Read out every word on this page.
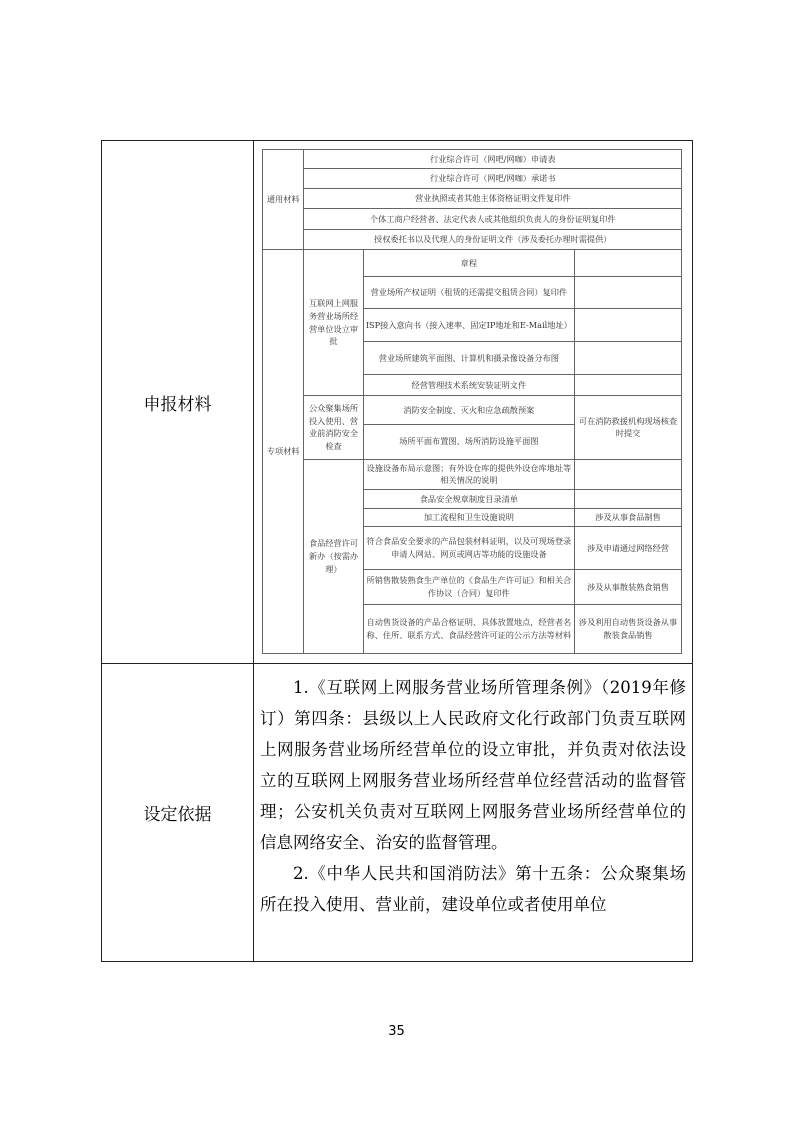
申报材料	
通用材料	行业综合许可（网吧/网咖）申请表
行业综合许可（网吧/网咖）承诺书
营业执照或者其他主体资格证明文件复印件
个体工商户经营者、法定代表人或其他组织负责人的身份证明复印件
授权委托书以及代理人的身份证明文件（涉及委托办理时需提供）
专项材料	互联网上网服务营业场所经营单位设立审批	章程	
营业场所产权证明（租赁的还需提交租赁合同）复印件	
ISP接入意向书（接入速率、固定IP地址和E-Mail地址）	
营业场所建筑平面图、计算机和摄录像设备分布图	
经营管理技术系统安装证明文件	
公众聚集场所投入使用、营业前消防安全检查	消防安全制度、灭火和应急疏散预案	可在消防救援机构现场核查时提交
场所平面布置图、场所消防设施平面图
食品经营许可新办（按需办理）	设施设备布局示意图；有外设仓库的提供外设仓库地址等相关情况的说明	
食品安全规章制度目录清单	
加工流程和卫生设施说明	涉及从事食品制售
符合食品安全要求的产品包装材料证明，以及可现场登录申请人网站、网页或网店等功能的设施设备	涉及申请通过网络经营
所销售散装熟食生产单位的《食品生产许可证》和相关合作协议（合同）复印件	涉及从事散装熟食销售
自动售货设备的产品合格证明、具体放置地点，经营者名称、住所、联系方式、食品经营许可证的公示方法等材料	涉及利用自动售货设备从事散装食品销售

设定依据	

1.《互联网上网服务营业场所管理条例》（2019年修订）第四条：县级以上人民政府文化行政部门负责互联网上网服务营业场所经营单位的设立审批，并负责对依法设立的互联网上网服务营业场所经营单位经营活动的监督管理；公安机关负责对互联网上网服务营业场所经营单位的信息网络安全、治安的监督管理。

2.《中华人民共和国消防法》第十五条：公众聚集场所在投入使用、营业前，建设单位或者使用单位

35
